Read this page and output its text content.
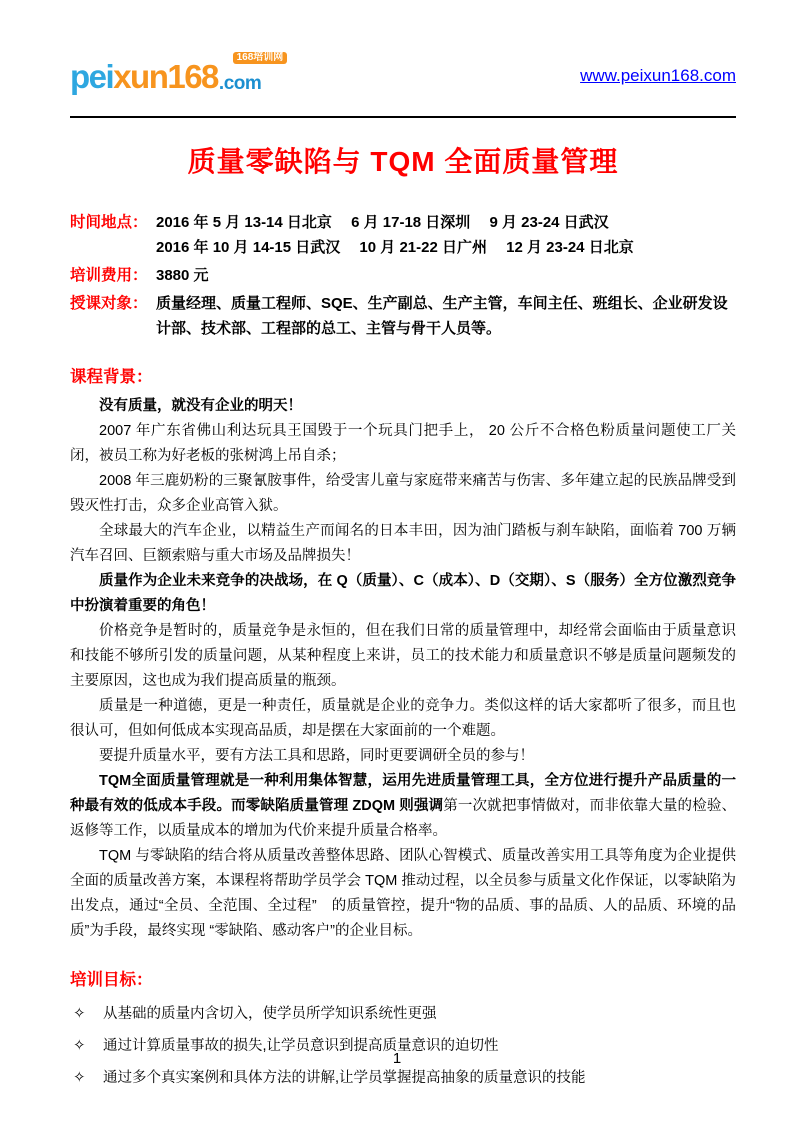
peixun168 .com
168培训网
www.peixun168.com
质量零缺陷与 TQM 全面质量管理
时间地点： 2016 年 5 月 13-14 日北京　 6 月 17-18 日深圳　 9 月 23-24 日武汉
2016 年 10 月 14-15 日武汉　 10 月 21-22 日广州　 12 月 23-24 日北京
培训费用： 3880 元
授课对象： 质量经理、质量工程师、SQE、生产副总、生产主管，车间主任、班组长、企业研发设计部、技术部、工程部的总工、主管与骨干人员等。
课程背景：

没有质量，就没有企业的明天！

2007 年广东省佛山利达玩具王国毁于一个玩具门把手上， 20 公斤不合格色粉质量问题使工厂关闭，被员工称为好老板的张树鸿上吊自杀；

2008 年三鹿奶粉的三聚氰胺事件，给受害儿童与家庭带来痛苦与伤害、多年建立起的民族品牌受到毁灭性打击，众多企业高管入狱。

全球最大的汽车企业，以精益生产而闻名的日本丰田，因为油门踏板与刹车缺陷，面临着 700 万辆汽车召回、巨额索赔与重大市场及品牌损失！

质量作为企业未来竞争的决战场，在 Q（质量）、C（成本）、D（交期）、S（服务）全方位激烈竞争中扮演着重要的角色！

价格竞争是暂时的，质量竞争是永恒的，但在我们日常的质量管理中，却经常会面临由于质量意识和技能不够所引发的质量问题，从某种程度上来讲，员工的技术能力和质量意识不够是质量问题频发的主要原因，这也成为我们提高质量的瓶颈。

质量是一种道德，更是一种责任，质量就是企业的竞争力。类似这样的话大家都听了很多，而且也很认可，但如何低成本实现高品质，却是摆在大家面前的一个难题。

要提升质量水平，要有方法工具和思路，同时更要调研全员的参与！

TQM全面质量管理就是一种利用集体智慧，运用先进质量管理工具，全方位进行提升产品质量的一种最有效的低成本手段。而零缺陷质量管理 ZDQM 则强调第一次就把事情做对，而非依靠大量的检验、返修等工作，以质量成本的增加为代价来提升质量合格率。

TQM 与零缺陷的结合将从质量改善整体思路、团队心智模式、质量改善实用工具等角度为企业提供全面的质量改善方案，本课程将帮助学员学会 TQM 推动过程，以全员参与质量文化作保证，以零缺陷为出发点，通过“全员、全范围、全过程”　的质量管控，提升“物的品质、事的品质、人的品质、环境的品质”为手段，最终实现 “零缺陷、感动客户”的企业目标。

培训目标：
✧	从基础的质量内含切入，使学员所学知识系统性更强
✧	通过计算质量事故的损失,让学员意识到提高质量意识的迫切性
✧	通过多个真实案例和具体方法的讲解,让学员掌握提高抽象的质量意识的技能
1
